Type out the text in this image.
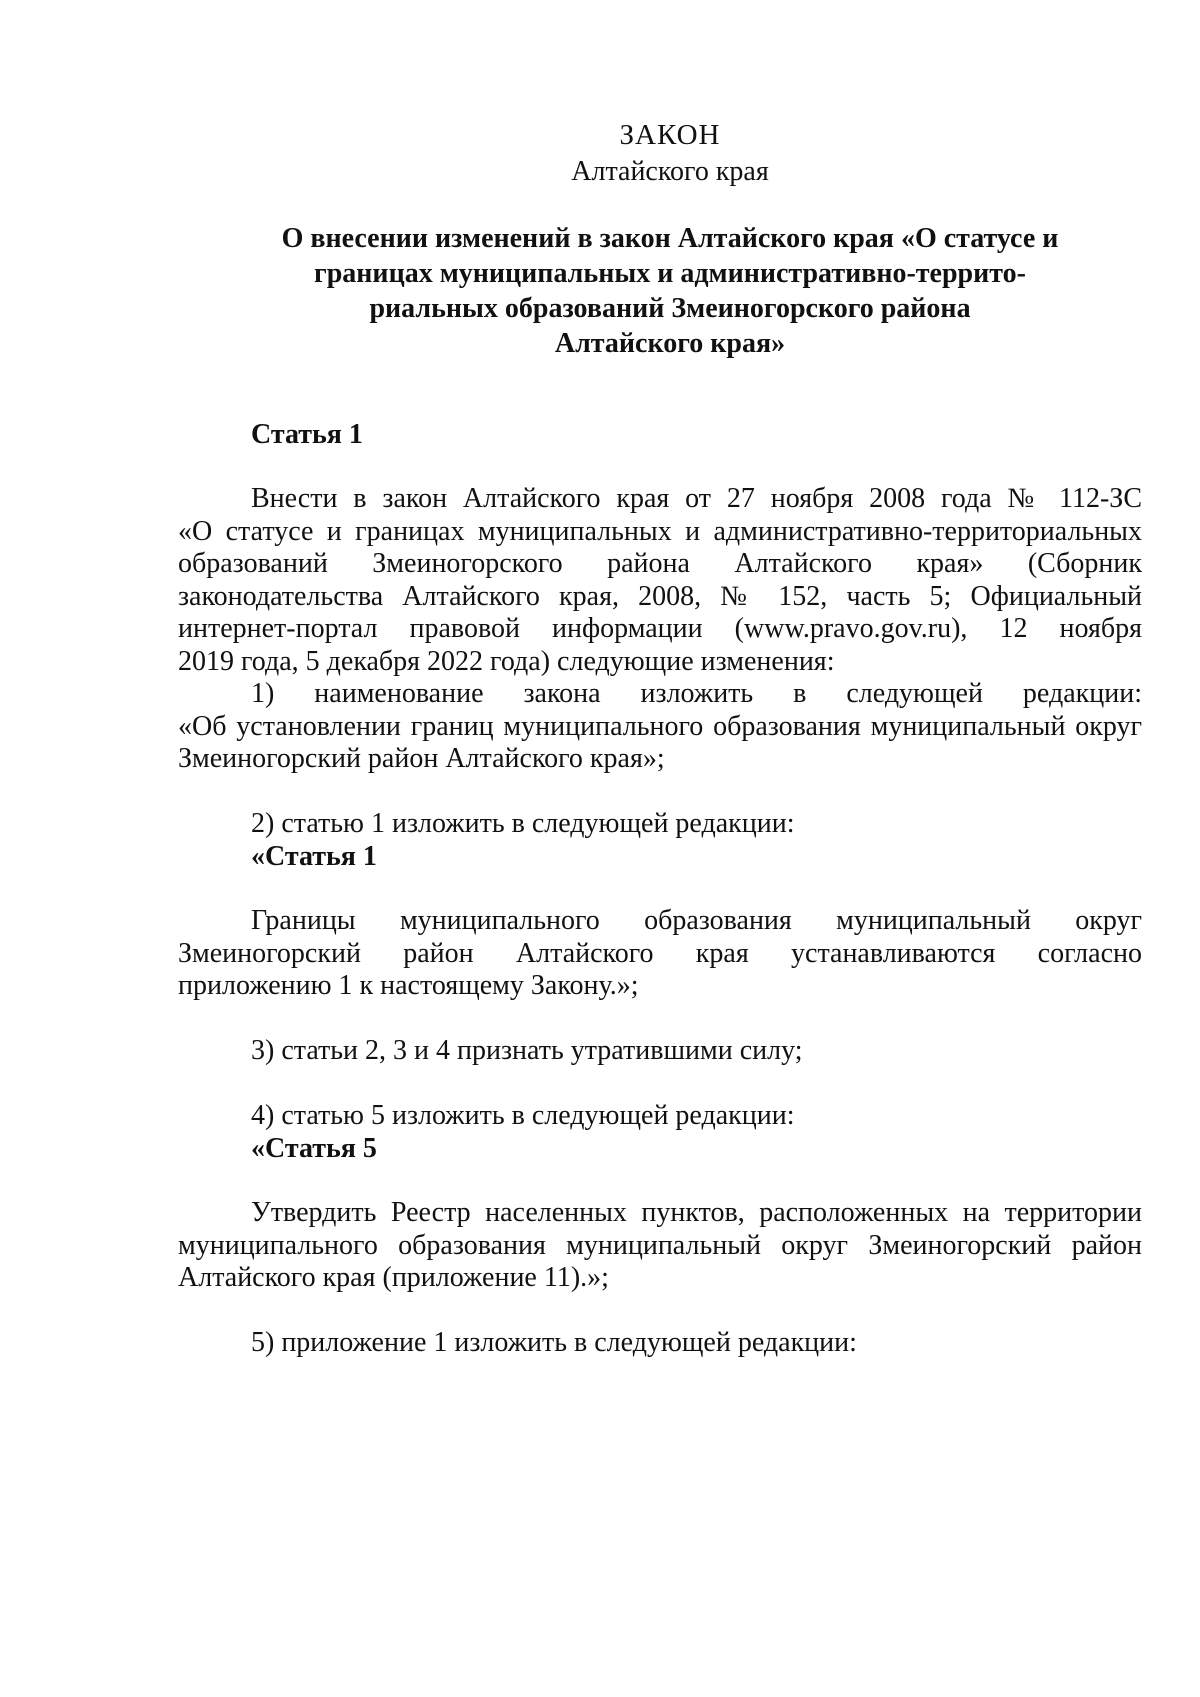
ЗАКОН
Алтайского края
О внесении изменений в закон Алтайского края «О статусе и
границах муниципальных и административно-террито-
риальных образований Змеиногорского района
Алтайского края»
Статья 1
Внести в закон Алтайского края от 27 ноября 2008 года № 112-ЗС
«О статусе и границах муниципальных и административно-территориальных
образований Змеиногорского района Алтайского края» (Сборник
законодательства Алтайского края, 2008, № 152, часть 5; Официальный
интернет-портал правовой информации (www.pravo.gov.ru), 12 ноября
2019 года, 5 декабря 2022 года) следующие изменения:
1) наименование закона изложить в следующей редакции:
«Об установлении границ муниципального образования муниципальный округ
Змеиногорский район Алтайского края»;
2) статью 1 изложить в следующей редакции:
«Статья 1
Границы муниципального образования муниципальный округ
Змеиногорский район Алтайского края устанавливаются согласно
приложению 1 к настоящему Закону.»;
3) статьи 2, 3 и 4 признать утратившими силу;
4) статью 5 изложить в следующей редакции:
«Статья 5
Утвердить Реестр населенных пунктов, расположенных на территории
муниципального образования муниципальный округ Змеиногорский район
Алтайского края (приложение 11).»;
5) приложение 1 изложить в следующей редакции:
